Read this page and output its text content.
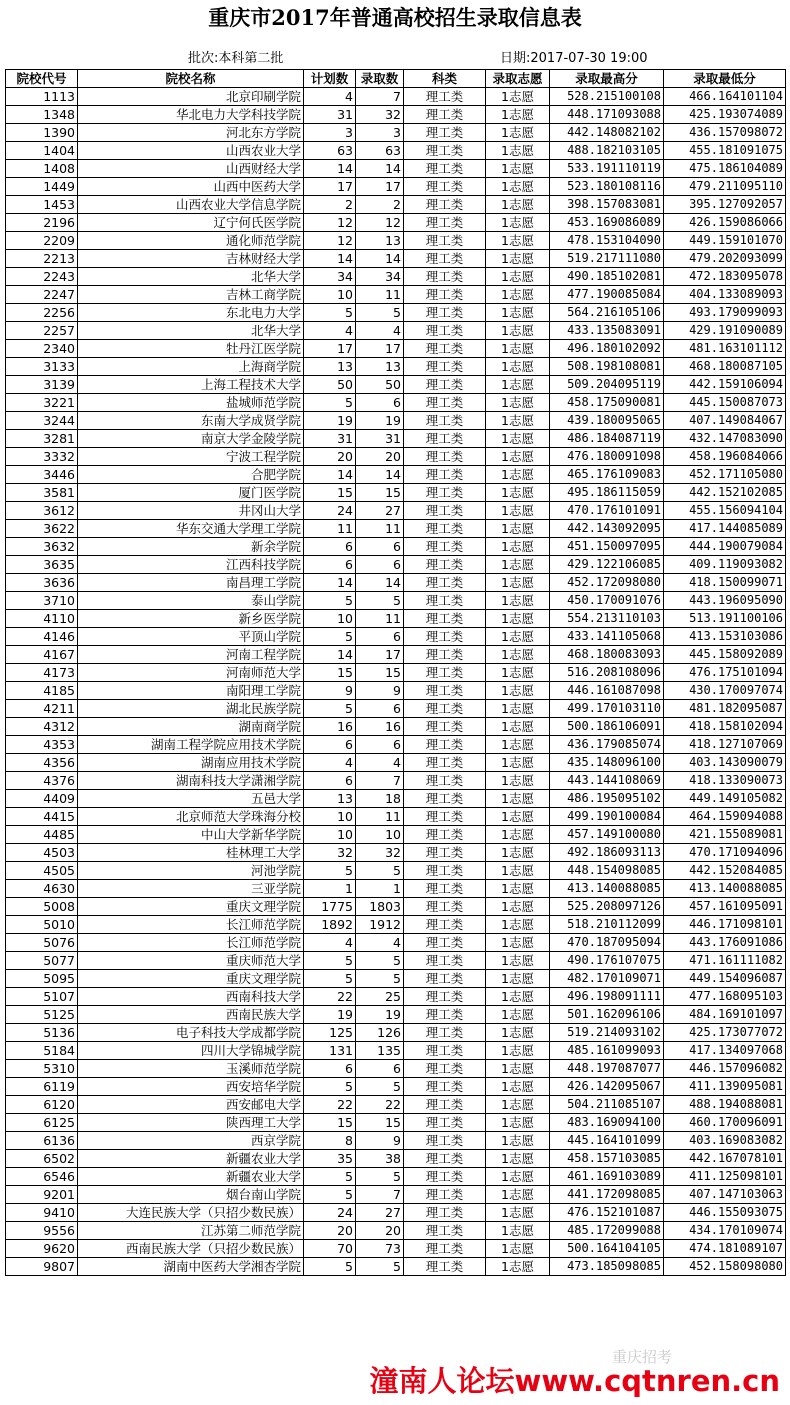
重庆市2017年普通高校招生录取信息表
批次:本科第二批	日期:2017-07-30 19:00
院校代号	院校名称	计划数	录取数	科类	录取志愿	录取最高分	录取最低分
1113	北京印刷学院	4	7	理工类	1志愿	528.215100108	466.164101104
1348	华北电力大学科技学院	31	32	理工类	1志愿	448.171093088	425.193074089
1390	河北东方学院	3	3	理工类	1志愿	442.148082102	436.157098072
1404	山西农业大学	63	63	理工类	1志愿	488.182103105	455.181091075
1408	山西财经大学	14	14	理工类	1志愿	533.191110119	475.186104089
1449	山西中医药大学	17	17	理工类	1志愿	523.180108116	479.211095110
1453	山西农业大学信息学院	2	2	理工类	1志愿	398.157083081	395.127092057
2196	辽宁何氏医学院	12	12	理工类	1志愿	453.169086089	426.159086066
2209	通化师范学院	12	13	理工类	1志愿	478.153104090	449.159101070
2213	吉林财经大学	14	14	理工类	1志愿	519.217111080	479.202093099
2243	北华大学	34	34	理工类	1志愿	490.185102081	472.183095078
2247	吉林工商学院	10	11	理工类	1志愿	477.190085084	404.133089093
2256	东北电力大学	5	5	理工类	1志愿	564.216105106	493.179099093
2257	北华大学	4	4	理工类	1志愿	433.135083091	429.191090089
2340	牡丹江医学院	17	17	理工类	1志愿	496.180102092	481.163101112
3133	上海商学院	13	13	理工类	1志愿	508.198108081	468.180087105
3139	上海工程技术大学	50	50	理工类	1志愿	509.204095119	442.159106094
3221	盐城师范学院	5	6	理工类	1志愿	458.175090081	445.150087073
3244	东南大学成贤学院	19	19	理工类	1志愿	439.180095065	407.149084067
3281	南京大学金陵学院	31	31	理工类	1志愿	486.184087119	432.147083090
3332	宁波工程学院	20	20	理工类	1志愿	476.180091098	458.196084066
3446	合肥学院	14	14	理工类	1志愿	465.176109083	452.171105080
3581	厦门医学院	15	15	理工类	1志愿	495.186115059	442.152102085
3612	井冈山大学	24	27	理工类	1志愿	470.176101091	455.156094104
3622	华东交通大学理工学院	11	11	理工类	1志愿	442.143092095	417.144085089
3632	新余学院	6	6	理工类	1志愿	451.150097095	444.190079084
3635	江西科技学院	6	6	理工类	1志愿	429.122106085	409.119093082
3636	南昌理工学院	14	14	理工类	1志愿	452.172098080	418.150099071
3710	泰山学院	5	5	理工类	1志愿	450.170091076	443.196095090
4110	新乡医学院	10	11	理工类	1志愿	554.213110103	513.191100106
4146	平顶山学院	5	6	理工类	1志愿	433.141105068	413.153103086
4167	河南工程学院	14	17	理工类	1志愿	468.180083093	445.158092089
4173	河南师范大学	15	15	理工类	1志愿	516.208108096	476.175101094
4185	南阳理工学院	9	9	理工类	1志愿	446.161087098	430.170097074
4211	湖北民族学院	5	6	理工类	1志愿	499.170103110	481.182095087
4312	湖南商学院	16	16	理工类	1志愿	500.186106091	418.158102094
4353	湖南工程学院应用技术学院	6	6	理工类	1志愿	436.179085074	418.127107069
4356	湖南应用技术学院	4	4	理工类	1志愿	435.148096100	403.143090079
4376	湖南科技大学潇湘学院	6	7	理工类	1志愿	443.144108069	418.133090073
4409	五邑大学	13	18	理工类	1志愿	486.195095102	449.149105082
4415	北京师范大学珠海分校	10	11	理工类	1志愿	499.190100084	464.159094088
4485	中山大学新华学院	10	10	理工类	1志愿	457.149100080	421.155089081
4503	桂林理工大学	32	32	理工类	1志愿	492.186093113	470.171094096
4505	河池学院	5	5	理工类	1志愿	448.154098085	442.152084085
4630	三亚学院	1	1	理工类	1志愿	413.140088085	413.140088085
5008	重庆文理学院	1775	1803	理工类	1志愿	525.208097126	457.161095091
5010	长江师范学院	1892	1912	理工类	1志愿	518.210112099	446.171098101
5076	长江师范学院	4	4	理工类	1志愿	470.187095094	443.176091086
5077	重庆师范大学	5	5	理工类	1志愿	490.176107075	471.161111082
5095	重庆文理学院	5	5	理工类	1志愿	482.170109071	449.154096087
5107	西南科技大学	22	25	理工类	1志愿	496.198091111	477.168095103
5125	西南民族大学	19	19	理工类	1志愿	501.162096106	484.169101097
5136	电子科技大学成都学院	125	126	理工类	1志愿	519.214093102	425.173077072
5184	四川大学锦城学院	131	135	理工类	1志愿	485.161099093	417.134097068
5310	玉溪师范学院	6	6	理工类	1志愿	448.197087077	446.157096082
6119	西安培华学院	5	5	理工类	1志愿	426.142095067	411.139095081
6120	西安邮电大学	22	22	理工类	1志愿	504.211085107	488.194088081
6125	陕西理工大学	15	15	理工类	1志愿	483.169094100	460.170096091
6136	西京学院	8	9	理工类	1志愿	445.164101099	403.169083082
6502	新疆农业大学	35	38	理工类	1志愿	458.157103085	442.167078101
6546	新疆农业大学	5	5	理工类	1志愿	461.169103089	411.125098101
9201	烟台南山学院	5	7	理工类	1志愿	441.172098085	407.147103063
9410	大连民族大学（只招少数民族）	24	27	理工类	1志愿	476.152101087	446.155093075
9556	江苏第二师范学院	20	20	理工类	1志愿	485.172099088	434.170109074
9620	西南民族大学（只招少数民族）	70	73	理工类	1志愿	500.164104105	474.181089107
9807	湖南中医药大学湘杏学院	5	5	理工类	1志愿	473.185098085	452.158098080
重庆招考
潼南人论坛www.cqtnren.cn
